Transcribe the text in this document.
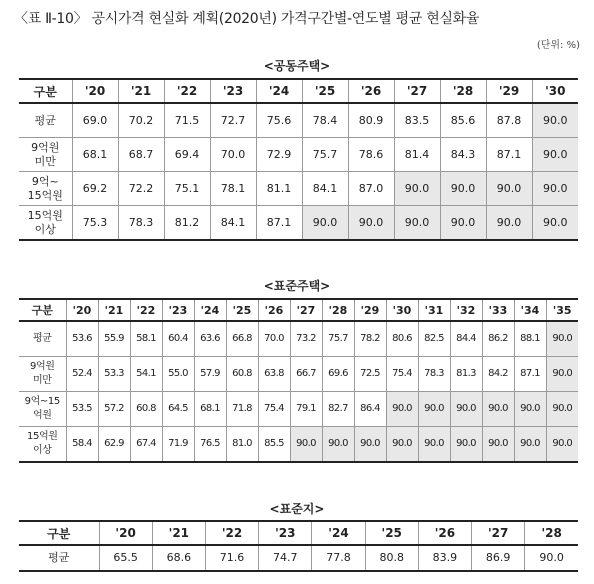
〈표 Ⅱ-10〉 공시가격 현실화 계획(2020년) 가격구간별-연도별 평균 현실화율
(단위: %)
<공동주택>
구분	'20	'21	'22	'23	'24	'25	'26	'27	'28	'29	'30
평균	69.0	70.2	71.5	72.7	75.6	78.4	80.9	83.5	85.6	87.8	90.0
9억원
미만	68.1	68.7	69.4	70.0	72.9	75.7	78.6	81.4	84.3	87.1	90.0
9억~
15억원	69.2	72.2	75.1	78.1	81.1	84.1	87.0	90.0	90.0	90.0	90.0
15억원
이상	75.3	78.3	81.2	84.1	87.1	90.0	90.0	90.0	90.0	90.0	90.0
<표준주택>
구분	'20	'21	'22	'23	'24	'25	'26	'27	'28	'29	'30	'31	'32	'33	'34	'35
평균	53.6	55.9	58.1	60.4	63.6	66.8	70.0	73.2	75.7	78.2	80.6	82.5	84.4	86.2	88.1	90.0
9억원
미만	52.4	53.3	54.1	55.0	57.9	60.8	63.8	66.7	69.6	72.5	75.4	78.3	81.3	84.2	87.1	90.0
9억~15
억원	53.5	57.2	60.8	64.5	68.1	71.8	75.4	79.1	82.7	86.4	90.0	90.0	90.0	90.0	90.0	90.0
15억원
이상	58.4	62.9	67.4	71.9	76.5	81.0	85.5	90.0	90.0	90.0	90.0	90.0	90.0	90.0	90.0	90.0
<표준지>
구분	'20	'21	'22	'23	'24	'25	'26	'27	'28
평균	65.5	68.6	71.6	74.7	77.8	80.8	83.9	86.9	90.0
